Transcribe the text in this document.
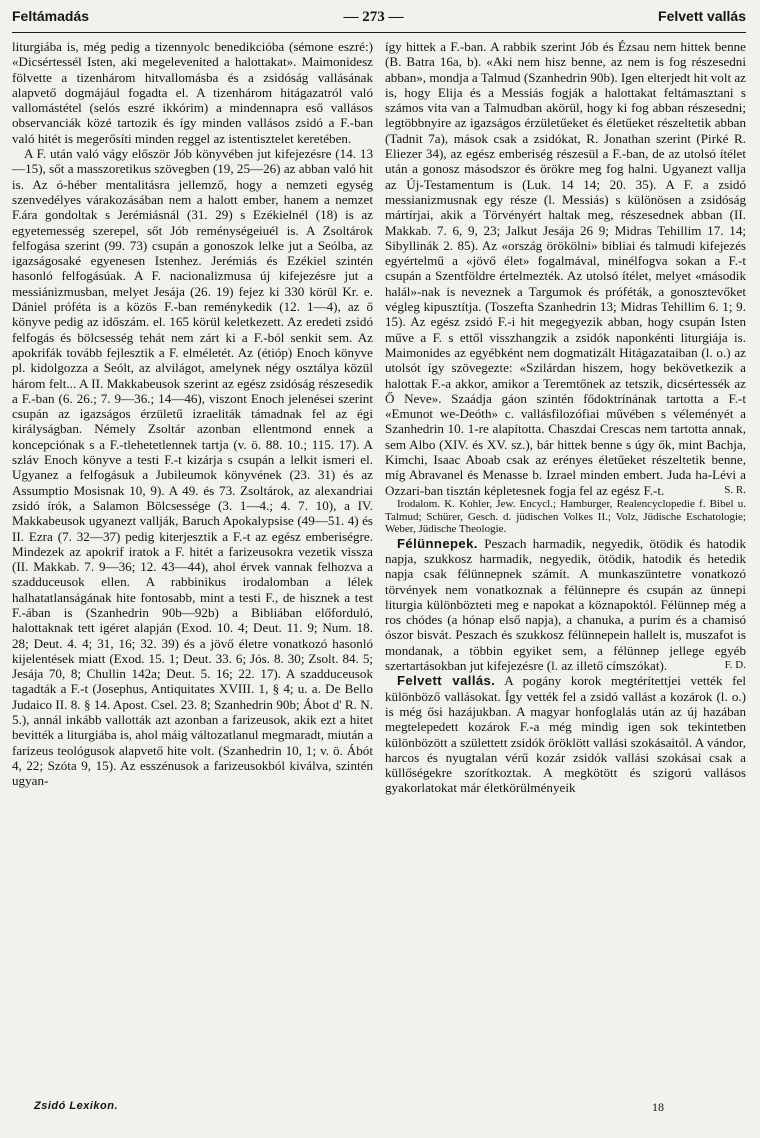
Feltámadás	— 273 —	Felvett vallás

liturgiába is, még pedig a tizennyolc benedikcióba (sémone eszré:) «Dicsértessél Isten, aki megelevenited a halottakat». Maimonidesz fölvette a tizenhárom hitvallomásba és a zsidóság vallásának alapvető dogmájául fogadta el. A tizenhárom hitágazatról való vallomástétel (selós eszré ikkórim) a mindennapra eső vallásos observanciák közé tartozik és így minden vallásos zsidó a F.-ban való hitét is megerősíti minden reggel az istentisztelet keretében.

A F. után való vágy először Jób könyvében jut kifejezésre (14. 13—15), sőt a masszoretikus szövegben (19, 25—26) az abban való hit is. Az ó-héber mentalitásra jellemző, hogy a nemzeti egység szenvedélyes várakozásában nem a halott ember, hanem a nemzet F.ára gondoltak s Jerémiásnál (31. 29) s Ezékielnél (18) is az egyetemesség szerepel, sőt Jób reménységeiuél is. A Zsoltárok felfogása szerint (99. 73) csupán a gonoszok lelke jut a Seólba, az igazságosaké egyenesen Istenhez. Jerémiás és Ezékiel szintén hasonló felfogásúak. A F. nacionalizmusa új kifejezésre jut a messiánizmusban, melyet Jesája (26. 19) fejez ki 330 körül Kr. e. Dániel próféta is a közös F.-ban reménykedik (12. 1—4), az ő könyve pedig az időszám. el. 165 körül keletkezett. Az eredeti zsidó felfogás és bölcsesség tehát nem zárt ki a F.-ból senkit sem. Az apokrifák tovább fejlesztik a F. elméletét. Az (étióp) Enoch könyve pl. kidolgozza a Seólt, az alvilágot, amelynek négy osztálya közül három felt... A II. Makkabeusok szerint az egész zsidóság részesedik a F.-ban (6. 26.; 7. 9—36.; 14—46), viszont Enoch jelenései szerint csupán az igazságos érzületű izraeliták támadnak fel az égi királyságban. Némely Zsoltár azonban ellentmond ennek a koncepciónak s a F.-tlehetetlennek tartja (v. ö. 88. 10.; 115. 17). A szláv Enoch könyve a testi F.-t kizárja s csupán a lelkit ismeri el. Ugyanez a felfogásuk a Jubileumok könyvének (23. 31) és az Assumptio Mosisnak 10, 9). A 49. és 73. Zsoltárok, az alexandriai zsidó írók, a Salamon Bölcsessége (3. 1—4.; 4. 7. 10), a IV. Makkabeusok ugyanezt vallják, Baruch Apokalypsise (49—51. 4) és II. Ezra (7. 32—37) pedig kiterjesztik a F.-t az egész emberiségre. Mindezek az apokrif iratok a F. hitét a farizeusokra vezetik vissza (II. Makkab. 7. 9—36; 12. 43—44), ahol érvek vannak felhozva a szadduceusok ellen. A rabbinikus irodalomban a lélek halhatatlanságának hite fontosabb, mint a testi F., de hisznek a test F.-ában is (Szanhedrin 90b—92b) a Bibliában előforduló, halottaknak tett igéret alapján (Exod. 10. 4; Deut. 11. 9; Num. 18. 28; Deut. 4. 4; 31, 16; 32. 39) és a jövő életre vonatkozó hasonló kijelentések miatt (Exod. 15. 1; Deut. 33. 6; Jós. 8. 30; Zsolt. 84. 5; Jesája 70, 8; Chullin 142a; Deut. 5. 16; 22. 17). A szadduceusok tagadták a F.-t (Josephus, Antiquitates XVIII. 1, § 4; u. a. De Bello Judaico II. 8. § 14. Apost. Csel. 23. 8; Szanhedrin 90b; Ábot d' R. N. 5.), annál inkább vallották azt azonban a farizeusok, akik ezt a hitet bevitték a liturgiába is, ahol máig változatlanul megmaradt, miután a farizeus teológusok alapvető hite volt. (Szanhedrin 10, 1; v. ö. Ábót 4, 22; Szóta 9, 15). Az esszénusok a farizeusokból kiválva, szintén ugyan-

így hittek a F.-ban. A rabbik szerint Jób és Ézsau nem hittek benne (B. Batra 16a, b). «Aki nem hisz benne, az nem is fog részesedni abban», mondja a Talmud (Szanhedrin 90b). Igen elterjedt hit volt az is, hogy Elija és a Messiás fogják a halottakat feltámasztani s számos vita van a Talmudban akörül, hogy ki fog abban részesedni; legtöbbnyire az igazságos érzületűeket és életűeket részeltetik abban (Tadnit 7a), mások csak a zsidókat, R. Jonathan szerint (Pirké R. Eliezer 34), az egész emberiség részesül a F.-ban, de az utolsó ítélet után a gonosz másodszor és örökre meg fog halni. Ugyanezt vallja az Új-Testamentum is (Luk. 14 14; 20. 35). A F. a zsidó messianizmusnak egy része (l. Messiás) s különösen a zsidóság mártírjai, akik a Törvényért haltak meg, részesednek abban (II. Makkab. 7. 6, 9, 23; Jalkut Jesája 26 9; Midras Tehillim 17. 14; Sibyllinák 2. 85). Az «ország örökölni» bibliai és talmudi kifejezés egyértelmű a «jövő élet» fogalmával, minélfogva sokan a F.-t csupán a Szentföldre értelmezték. Az utolsó ítélet, melyet «második halál»-nak is neveznek a Targumok és próféták, a gonosztevőket végleg kipusztítja. (Toszefta Szanhedrin 13; Midras Tehillim 6. 1; 9. 15). Az egész zsidó F.-i hit megegyezik abban, hogy csupán Isten műve a F. s ettől visszhangzik a zsidók naponkénti liturgiája is. Maimonides az egyébként nem dogmatizált Hitágazataiban (l. o.) az utolsót így szövegezte: «Szilárdan hiszem, hogy bekövetkezik a halottak F.-a akkor, amikor a Teremtőnek az tetszik, dicsértessék az Ő Neve». Szaádja gáon szintén fődoktrínának tartotta a F.-t «Emunot we-Deóth» c. vallásfilozófiai művében s véleményét a Szanhedrin 10. 1-re alapította. Chaszdai Crescas nem tartotta annak, sem Albo (XIV. és XV. sz.), bár hittek benne s úgy ők, mint Bachja, Kimchi, Isaac Aboab csak az erényes életűeket részeltetik benne, míg Abravanel és Menasse b. Izrael minden embert. Juda ha-Lévi a Ozzari-ban tisztán képletesnek fogja fel az egész F.-t.	S. R.

Irodalom. K. Kohler, Jew. Encycl.; Hamburger, Realencyclopedie f. Bibel u. Talmud; Schürer, Gesch. d. jüdischen Volkes II.; Volz, Jüdische Eschatologie; Weber, Jüdische Theologie.

Félünnepek. Peszach harmadik, negyedik, ötödik és hatodik napja, szukkosz harmadik, negyedik, ötödik, hatodik és hetedik napja csak félünnepnek számít. A munkaszüntetre vonatkozó törvények nem vonatkoznak a félünnepre és csupán az ünnepi liturgia különbözteti meg e napokat a köznapoktól. Félünnep még a ros chódes (a hónap első napja), a chanuka, a purim és a chamisó ószor bisvát. Peszach és szukkosz félünnepein hallelt is, muszafot is mondanak, a többin egyiket sem, a félünnep jellege egyéb szertartásokban jut kifejezésre (l. az illető címszókat).	F. D.

Felvett vallás. A pogány korok megtérítettjei vették fel különböző vallásokat. Így vették fel a zsidó vallást a kozárok (l. o.) is még ősi hazájukban. A magyar honfoglalás után az új hazában megtelepedett kozárok F.-a még mindig igen sok tekintetben különbözött a születtett zsidók öröklött vallási szokásaitól. A vándor, harcos és nyugtalan vérű kozár zsidók vallási szokásai csak a küllőségekre szorítkoztak. A megkötött és szigorú vallásos gyakorlatokat már életkörülményeik

Zsidó Lexikon.	18
